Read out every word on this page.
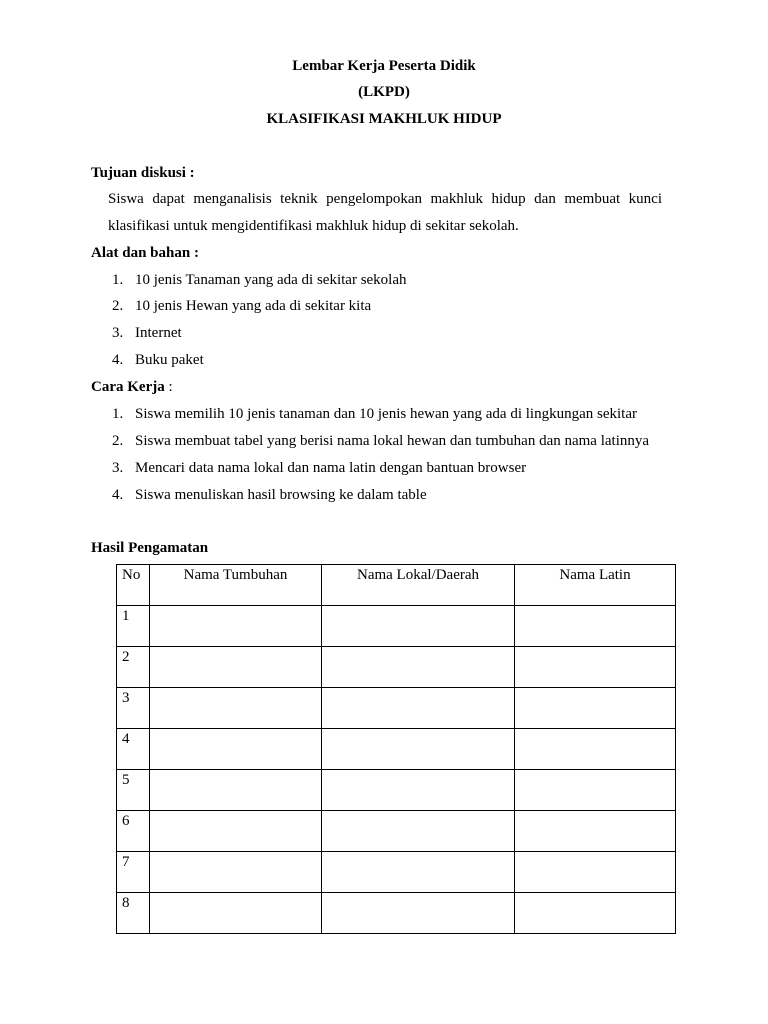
Lembar Kerja Peserta Didik
(LKPD)
KLASIFIKASI MAKHLUK HIDUP
Tujuan diskusi :
Siswa dapat menganalisis teknik pengelompokan makhluk hidup dan membuat kunci
klasifikasi untuk mengidentifikasi makhluk hidup di sekitar sekolah.
Alat dan bahan :
1. 10 jenis Tanaman yang ada di sekitar sekolah
2. 10 jenis Hewan yang ada di sekitar kita
3. Internet
4. Buku paket
Cara Kerja :
1. Siswa memilih 10 jenis tanaman dan 10 jenis hewan yang ada di lingkungan sekitar
2. Siswa membuat tabel yang berisi nama lokal hewan dan tumbuhan dan nama latinnya
3. Mencari data nama lokal dan nama latin dengan bantuan browser
4. Siswa menuliskan hasil browsing ke dalam table
Hasil Pengamatan
No	Nama Tumbuhan	Nama Lokal/Daerah	Nama Latin
1			
2			
3			
4			
5			
6			
7			
8			
